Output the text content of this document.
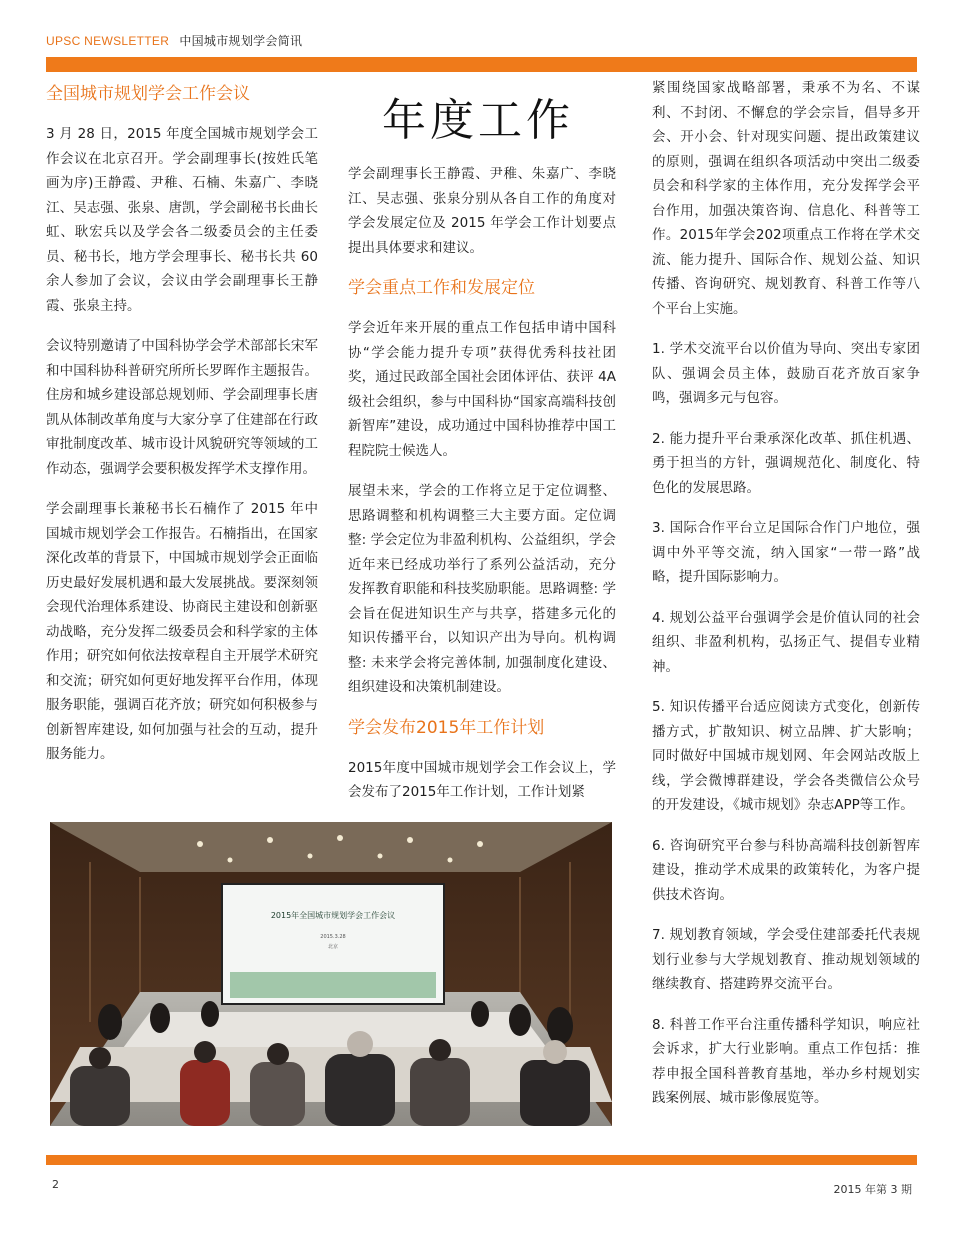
UPSC NEWSLETTER 中国城市规划学会简讯
年度工作
全国城市规划学会工作会议

3 月 28 日，2015 年度全国城市规划学会工作会议在北京召开。学会副理事长(按姓氏笔画为序)王静霞、尹稚、石楠、朱嘉广、李晓江、吴志强、张泉、唐凯，学会副秘书长曲长虹、耿宏兵以及学会各二级委员会的主任委员、秘书长，地方学会理事长、秘书长共 60 余人参加了会议，会议由学会副理事长王静霞、张泉主持。

会议特别邀请了中国科协学会学术部部长宋军和中国科协科普研究所所长罗晖作主题报告。住房和城乡建设部总规划师、学会副理事长唐凯从体制改革角度与大家分享了住建部在行政审批制度改革、城市设计风貌研究等领域的工作动态，强调学会要积极发挥学术支撑作用。

学会副理事长兼秘书长石楠作了 2015 年中国城市规划学会工作报告。石楠指出，在国家深化改革的背景下，中国城市规划学会正面临历史最好发展机遇和最大发展挑战。要深刻领会现代治理体系建设、协商民主建设和创新驱动战略，充分发挥二级委员会和科学家的主体作用；研究如何依法按章程自主开展学术研究和交流；研究如何更好地发挥平台作用，体现服务职能，强调百花齐放；研究如何积极参与创新智库建设, 如何加强与社会的互动，提升服务能力。

学会副理事长王静霞、尹稚、朱嘉广、李晓江、吴志强、张泉分别从各自工作的角度对学会发展定位及 2015 年学会工作计划要点提出具体要求和建议。

学会重点工作和发展定位

学会近年来开展的重点工作包括申请中国科协“学会能力提升专项”获得优秀科技社团奖，通过民政部全国社会团体评估、获评 4A级社会组织，参与中国科协“国家高端科技创新智库”建设，成功通过中国科协推荐中国工程院院士候选人。

展望未来，学会的工作将立足于定位调整、思路调整和机构调整三大主要方面。定位调整: 学会定位为非盈利机构、公益组织，学会近年来已经成功举行了系列公益活动，充分发挥教育职能和科技奖励职能。思路调整: 学会旨在促进知识生产与共享，搭建多元化的知识传播平台，以知识产出为导向。机构调整: 未来学会将完善体制, 加强制度化建设、组织建设和决策机制建设。

学会发布2015年工作计划

2015年度中国城市规划学会工作会议上，学会发布了2015年工作计划，工作计划紧

紧围绕国家战略部署，秉承不为名、不谋利、不封闭、不懈怠的学会宗旨，倡导多开会、开小会、针对现实问题、提出政策建议的原则，强调在组织各项活动中突出二级委员会和科学家的主体作用，充分发挥学会平台作用，加强决策咨询、信息化、科普等工作。2015年学会202项重点工作将在学术交流、能力提升、国际合作、规划公益、知识传播、咨询研究、规划教育、科普工作等八个平台上实施。

1. 学术交流平台以价值为导向、突出专家团队、强调会员主体，鼓励百花齐放百家争鸣，强调多元与包容。

2. 能力提升平台秉承深化改革、抓住机遇、勇于担当的方针，强调规范化、制度化、特色化的发展思路。

3. 国际合作平台立足国际合作门户地位，强调中外平等交流，纳入国家“一带一路”战略，提升国际影响力。

4. 规划公益平台强调学会是价值认同的社会组织、非盈利机构，弘扬正气、提倡专业精神。

5. 知识传播平台适应阅读方式变化，创新传播方式，扩散知识、树立品牌、扩大影响；同时做好中国城市规划网、年会网站改版上线，学会微博群建设，学会各类微信公众号的开发建设，《城市规划》杂志APP等工作。

6. 咨询研究平台参与科协高端科技创新智库建设，推动学术成果的政策转化，为客户提供技术咨询。

7. 规划教育领域，学会受住建部委托代表规划行业参与大学规划教育、推动规划领域的继续教育、搭建跨界交流平台。

8. 科普工作平台注重传播科学知识，响应社会诉求，扩大行业影响。重点工作包括：推荐申报全国科普教育基地，举办乡村规划实践案例展、城市影像展览等。

2015年全国城市规划学会工作会议
2015.3.28
北京
2	2015 年第 3 期
